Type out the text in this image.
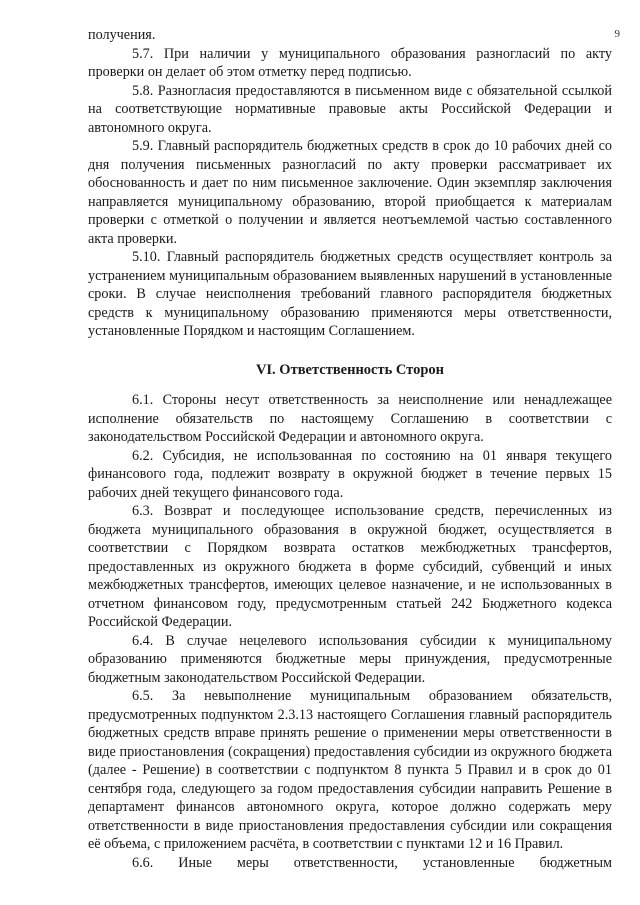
9

получения.

5.7. При наличии у муниципального образования разногласий по акту проверки он делает об этом отметку перед подписью.

5.8. Разногласия предоставляются в письменном виде с обязательной ссылкой на соответствующие нормативные правовые акты Российской Федерации и автономного округа.

5.9. Главный распорядитель бюджетных средств в срок до 10 рабочих дней со дня получения письменных разногласий по акту проверки рассматривает их обоснованность и дает по ним письменное заключение. Один экземпляр заключения направляется муниципальному образованию, второй приобщается к материалам проверки с отметкой о получении и является неотъемлемой частью составленного акта проверки.

5.10. Главный распорядитель бюджетных средств осуществляет контроль за устранением муниципальным образованием выявленных нарушений в установленные сроки. В случае неисполнения требований главного распорядителя бюджетных средств к муниципальному образованию применяются меры ответственности, установленные Порядком и настоящим Соглашением.

VI. Ответственность Сторон

6.1. Стороны несут ответственность за неисполнение или ненадлежащее исполнение обязательств по настоящему Соглашению в соответствии с законодательством Российской Федерации и автономного округа.

6.2. Субсидия, не использованная по состоянию на 01 января текущего финансового года, подлежит возврату в окружной бюджет в течение первых 15 рабочих дней текущего финансового года.

6.3. Возврат и последующее использование средств, перечисленных из бюджета муниципального образования в окружной бюджет, осуществляется в соответствии с Порядком возврата остатков межбюджетных трансфертов, предоставленных из окружного бюджета в форме субсидий, субвенций и иных межбюджетных трансфертов, имеющих целевое назначение, и не использованных в отчетном финансовом году, предусмотренным статьей 242 Бюджетного кодекса Российской Федерации.

6.4. В случае нецелевого использования субсидии к муниципальному образованию применяются бюджетные меры принуждения, предусмотренные бюджетным законодательством Российской Федерации.

6.5. За невыполнение муниципальным образованием обязательств, предусмотренных подпунктом 2.3.13 настоящего Соглашения главный распорядитель бюджетных средств вправе принять решение о применении меры ответственности в виде приостановления (сокращения) предоставления субсидии из окружного бюджета (далее - Решение) в соответствии с подпунктом 8 пункта 5 Правил и в срок до 01 сентября года, следующего за годом предоставления субсидии направить Решение в департамент финансов автономного округа, которое должно содержать меру ответственности в виде приостановления предоставления субсидии или сокращения её объема, с приложением расчёта, в соответствии с пунктами 12 и 16 Правил.

6.6. Иные меры ответственности, установленные бюджетным
